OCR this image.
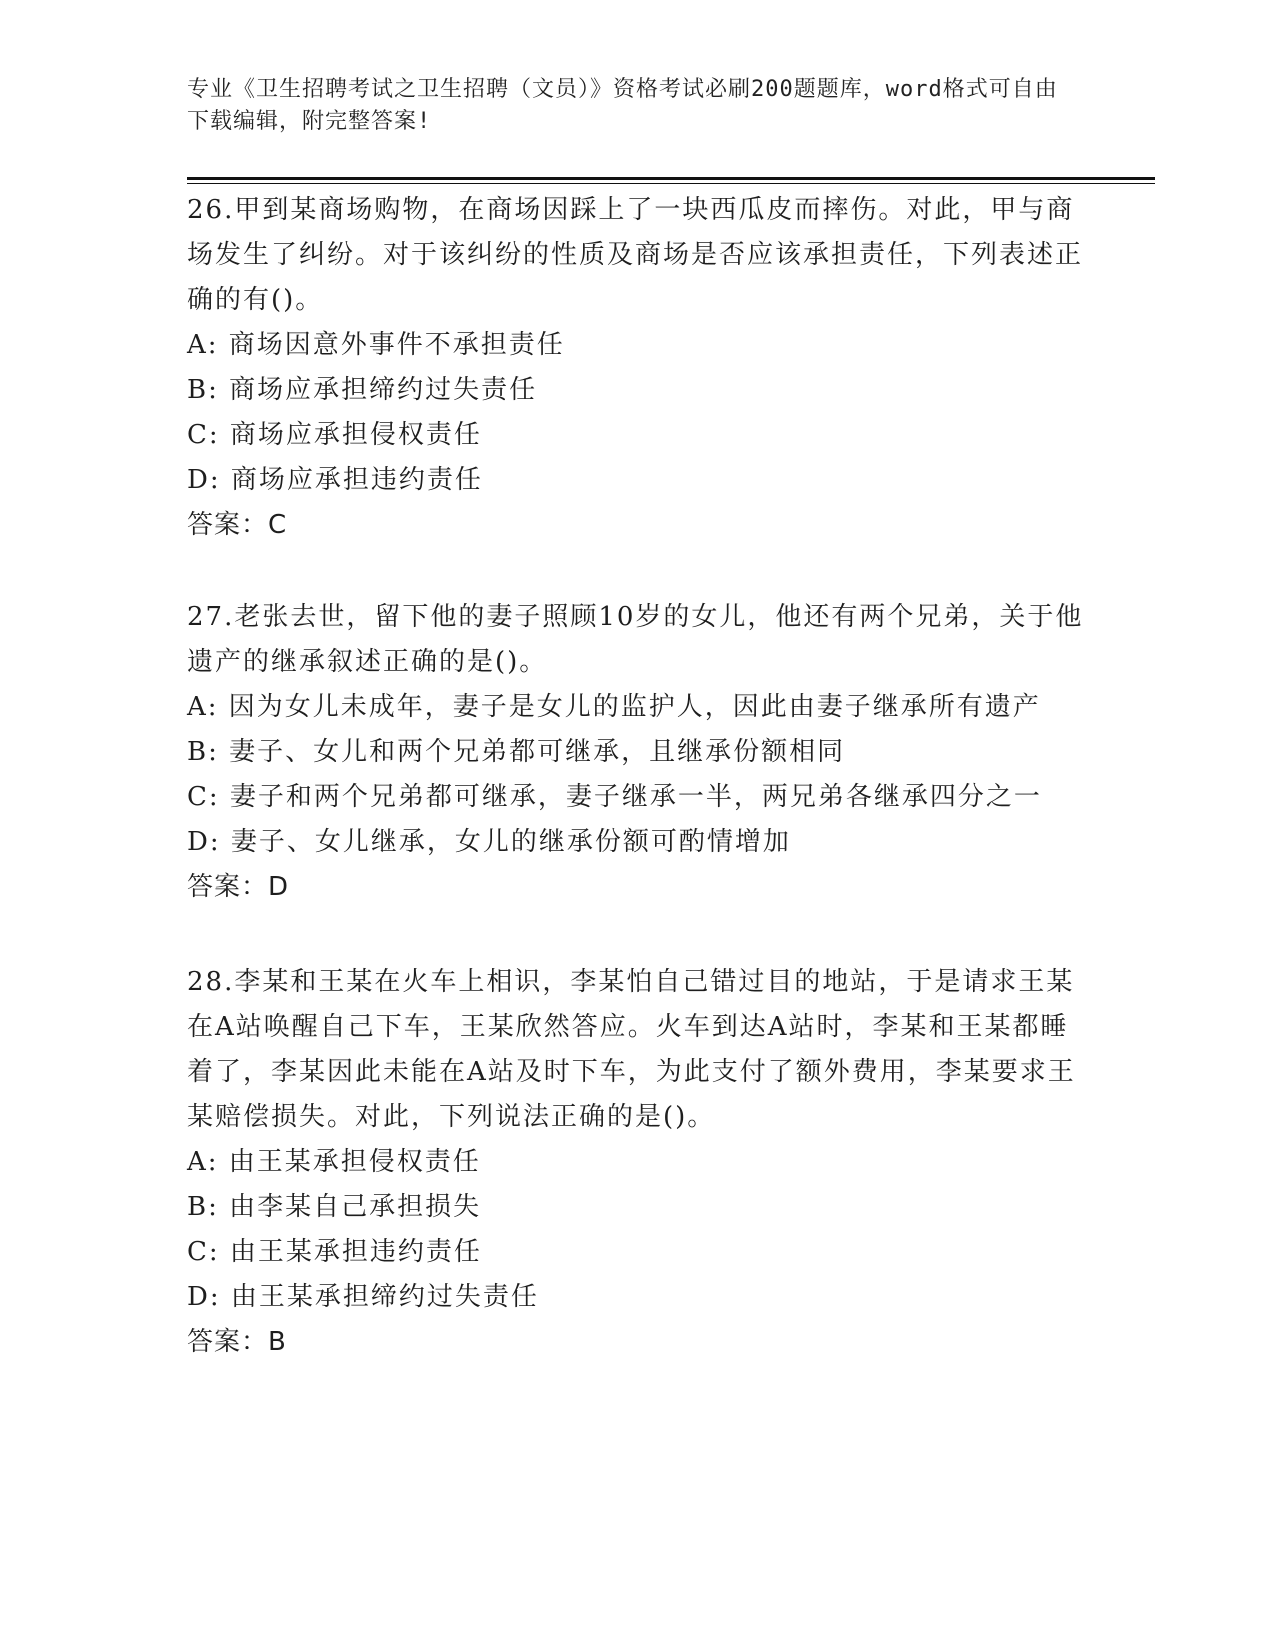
专业《卫生招聘考试之卫生招聘（文员）》资格考试必刷200题题库，word格式可自由下载编辑，附完整答案!
26.甲到某商场购物，在商场因踩上了一块西瓜皮而摔伤。对此，甲与商场发生了纠纷。对于该纠纷的性质及商场是否应该承担责任，下列表述正确的有()。
A: 商场因意外事件不承担责任
B: 商场应承担缔约过失责任
C: 商场应承担侵权责任
D: 商场应承担违约责任
答案：C
27.老张去世，留下他的妻子照顾10岁的女儿，他还有两个兄弟，关于他遗产的继承叙述正确的是()。
A: 因为女儿未成年，妻子是女儿的监护人，因此由妻子继承所有遗产
B: 妻子、女儿和两个兄弟都可继承，且继承份额相同
C: 妻子和两个兄弟都可继承，妻子继承一半，两兄弟各继承四分之一
D: 妻子、女儿继承，女儿的继承份额可酌情增加
答案：D
28.李某和王某在火车上相识，李某怕自己错过目的地站，于是请求王某在A站唤醒自己下车，王某欣然答应。火车到达A站时，李某和王某都睡着了，李某因此未能在A站及时下车，为此支付了额外费用，李某要求王某赔偿损失。对此，下列说法正确的是()。
A: 由王某承担侵权责任
B: 由李某自己承担损失
C: 由王某承担违约责任
D: 由王某承担缔约过失责任
答案：B
